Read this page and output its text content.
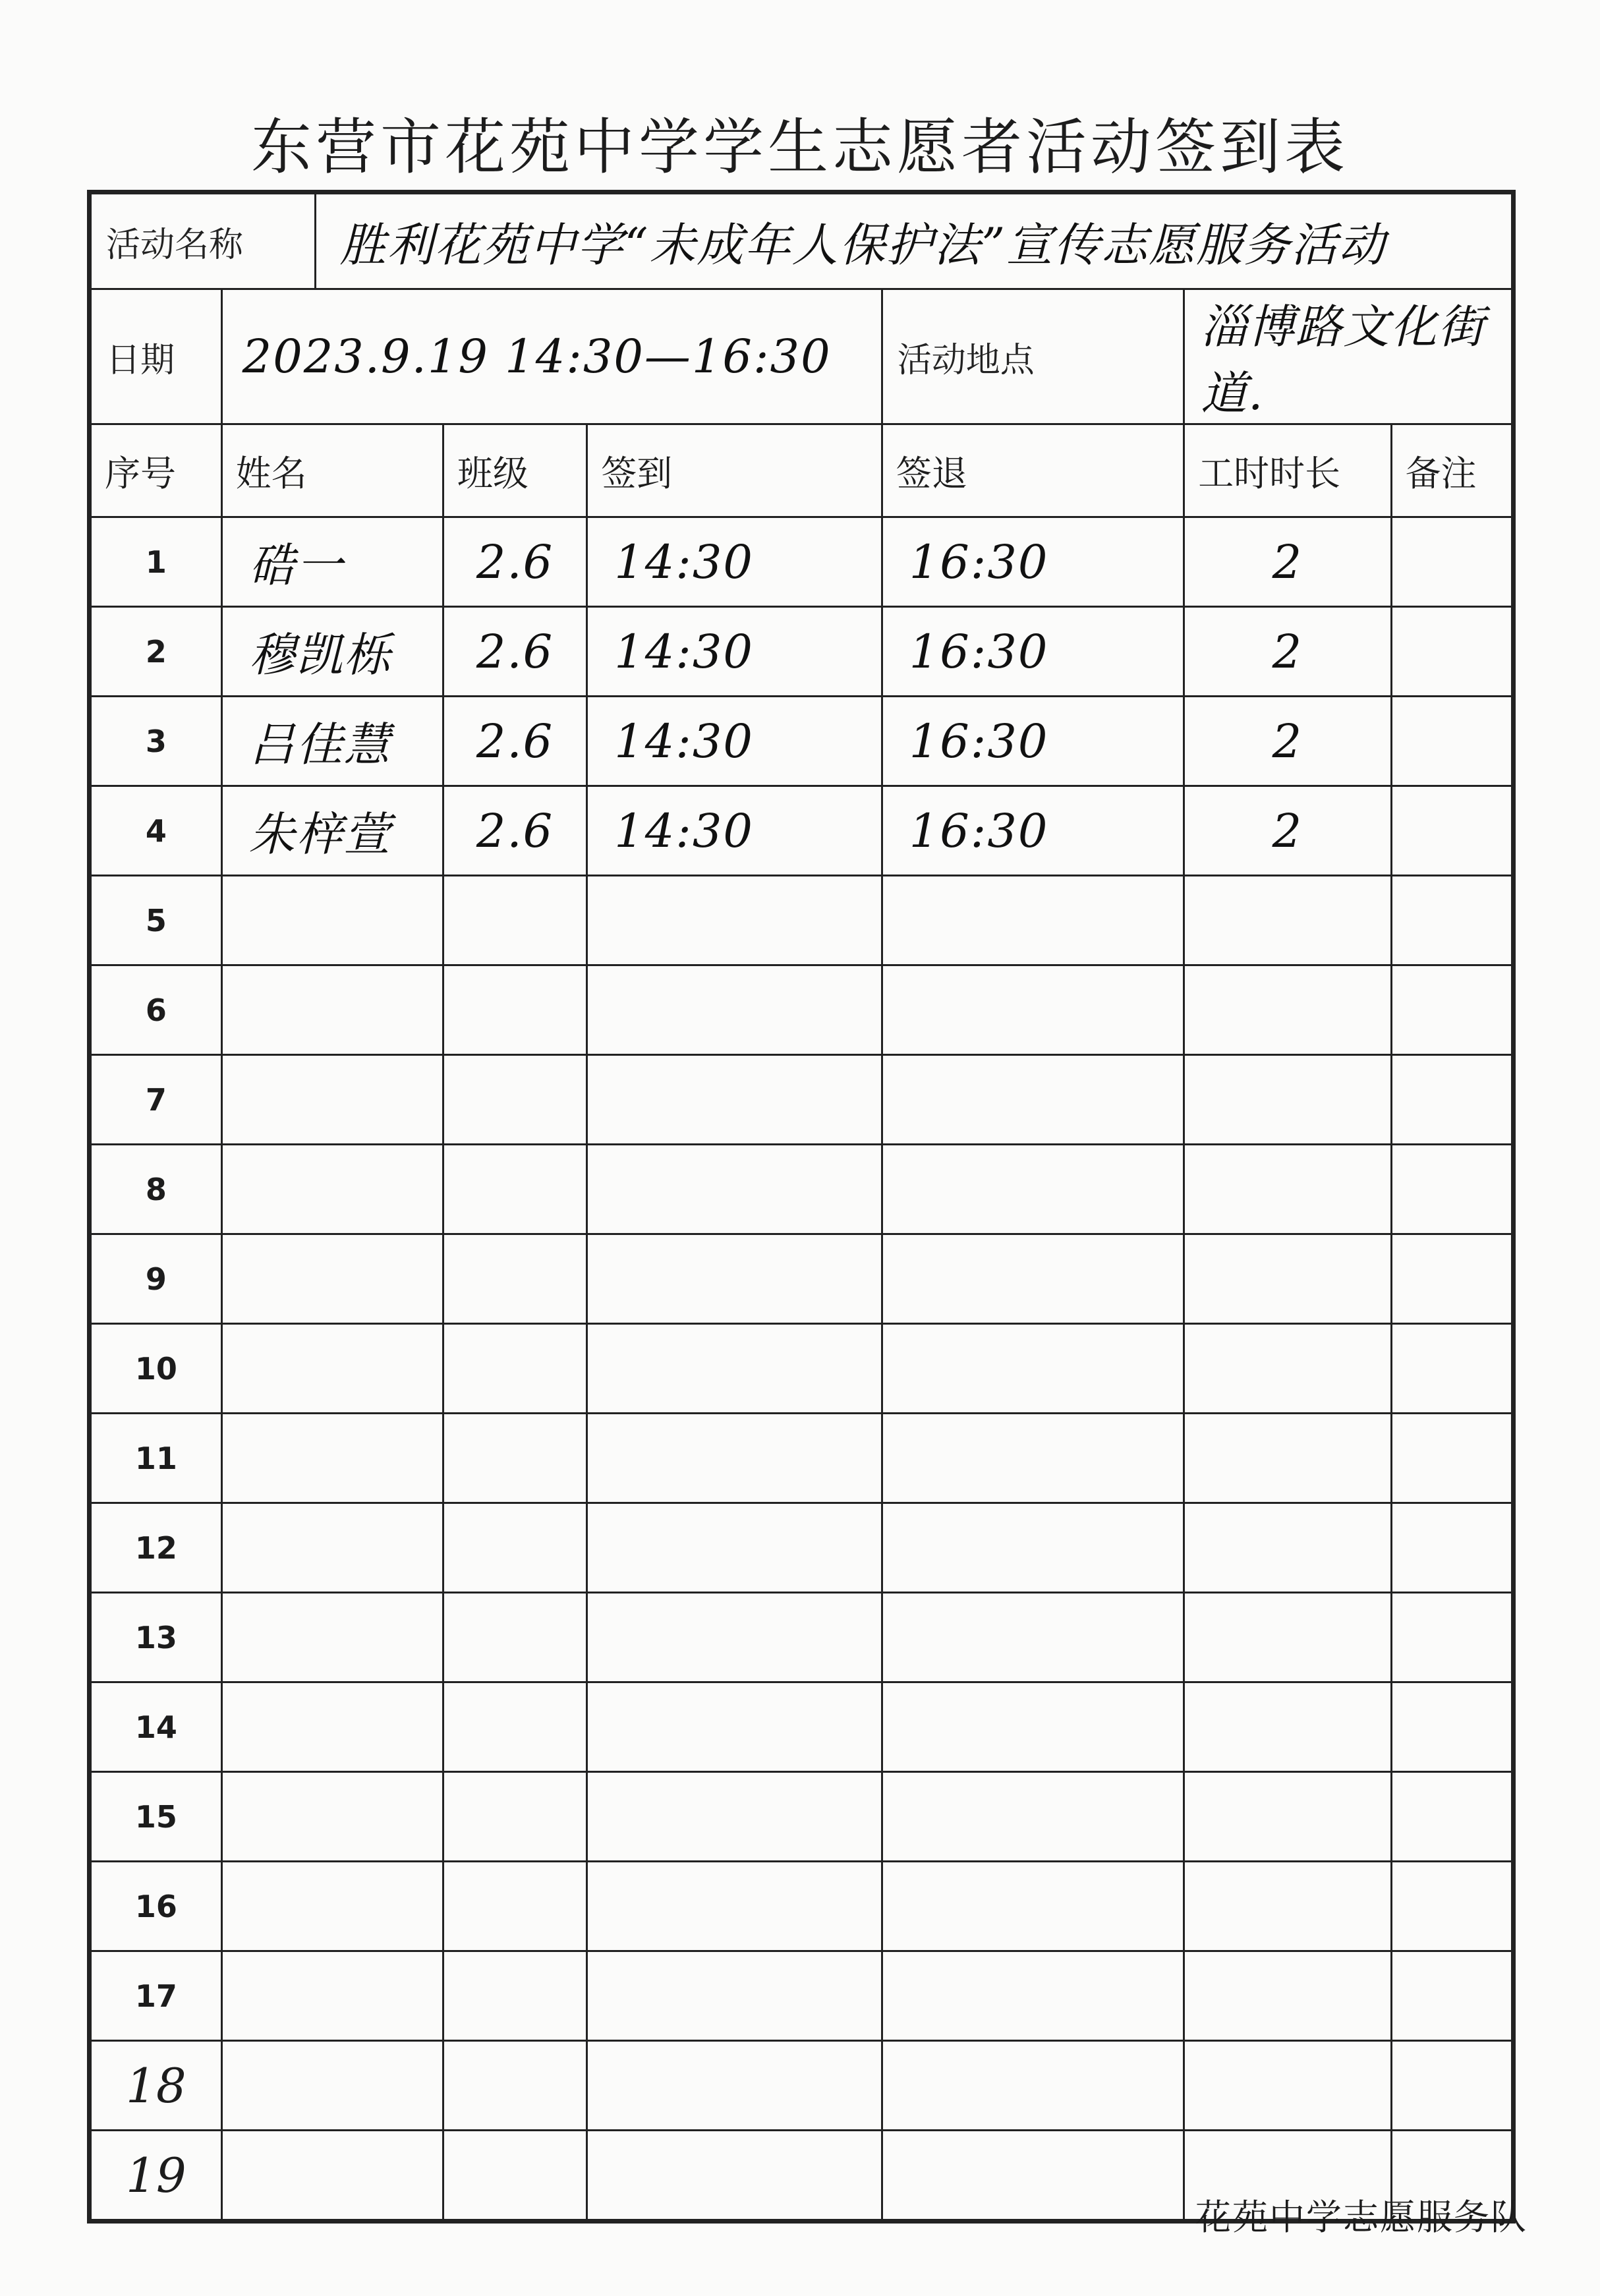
东营市花苑中学学生志愿者活动签到表
活动名称		胜利花苑中学“未成年人保护法”宣传志愿服务活动					
日期	2023.9.19 14:30—16:30				活动地点	淄博路文化街道.	
序号	姓名		班级	签到	签退	工时时长	备注
1	硞一		2.6	14:30	16:30	2	
2	穆凯栎		2.6	14:30	16:30	2	
3	吕佳慧		2.6	14:30	16:30	2	
4	朱梓萱		2.6	14:30	16:30	2	
5							
6							
7							
8							
9							
10							
11							
12							
13							
14							
15							
16							
17							
18							
19							
花苑中学志愿服务队
